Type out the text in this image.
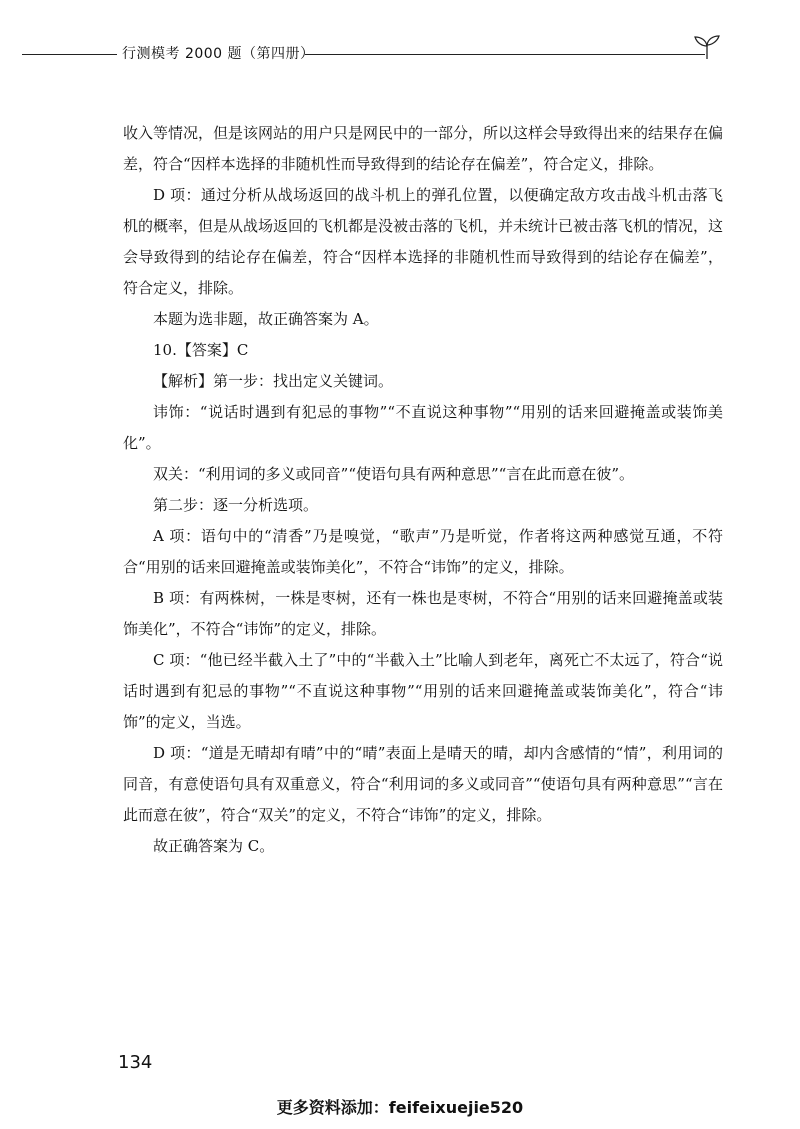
行测模考 2000 题（第四册）

收入等情况，但是该网站的用户只是网民中的一部分，所以这样会导致得出来的结果存在偏差，符合“因样本选择的非随机性而导致得到的结论存在偏差”，符合定义，排除。

D 项：通过分析从战场返回的战斗机上的弹孔位置，以便确定敌方攻击战斗机击落飞机的概率，但是从战场返回的飞机都是没被击落的飞机，并未统计已被击落飞机的情况，这会导致得到的结论存在偏差，符合“因样本选择的非随机性而导致得到的结论存在偏差”，符合定义，排除。

本题为选非题，故正确答案为 A。

10.【答案】C

【解析】第一步：找出定义关键词。

讳饰：“说话时遇到有犯忌的事物”“不直说这种事物”“用别的话来回避掩盖或装饰美化”。

双关：“利用词的多义或同音”“使语句具有两种意思”“言在此而意在彼”。

第二步：逐一分析选项。

A 项：语句中的“清香”乃是嗅觉，“歌声”乃是听觉，作者将这两种感觉互通，不符合“用别的话来回避掩盖或装饰美化”，不符合“讳饰”的定义，排除。

B 项：有两株树，一株是枣树，还有一株也是枣树，不符合“用别的话来回避掩盖或装饰美化”，不符合“讳饰”的定义，排除。

C 项：“他已经半截入土了”中的“半截入土”比喻人到老年，离死亡不太远了，符合“说话时遇到有犯忌的事物”“不直说这种事物”“用别的话来回避掩盖或装饰美化”，符合“讳饰”的定义，当选。

D 项：“道是无晴却有晴”中的“晴”表面上是晴天的晴，却内含感情的“情”，利用词的同音，有意使语句具有双重意义，符合“利用词的多义或同音”“使语句具有两种意思”“言在此而意在彼”，符合“双关”的定义，不符合“讳饰”的定义，排除。

故正确答案为 C。

134
更多资料添加：feifeixuejie520
